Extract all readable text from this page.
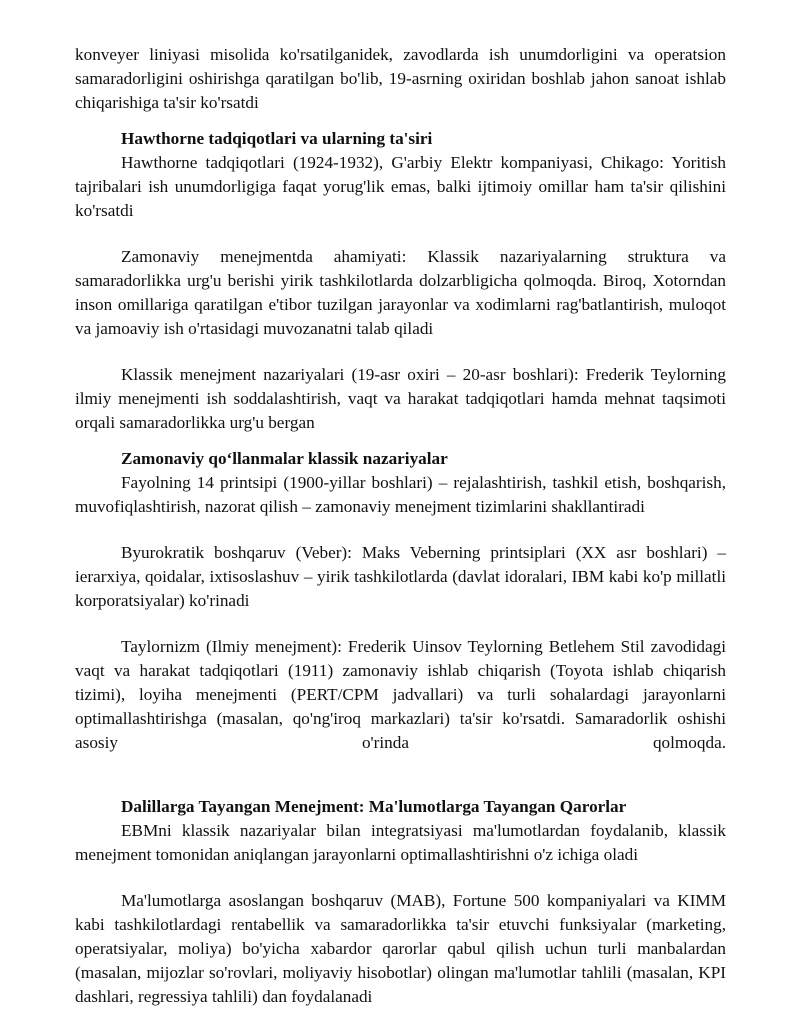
konveyer liniyasi misolida ko'rsatilganidek, zavodlarda ish unumdorligini va operatsion samaradorligini oshirishga qaratilgan bo'lib, 19-asrning oxiridan boshlab jahon sanoat ishlab chiqarishiga ta'sir ko'rsatdi

Hawthorne tadqiqotlari va ularning ta'siri

Hawthorne tadqiqotlari (1924-1932), G'arbiy Elektr kompaniyasi, Chikago: Yoritish tajribalari ish unumdorligiga faqat yorug'lik emas, balki ijtimoiy omillar ham ta'sir qilishini ko'rsatdi

Zamonaviy menejmentda ahamiyati: Klassik nazariyalarning struktura va samaradorlikka urg'u berishi yirik tashkilotlarda dolzarbligicha qolmoqda. Biroq, Xotorndan inson omillariga qaratilgan e'tibor tuzilgan jarayonlar va xodimlarni rag'batlantirish, muloqot va jamoaviy ish o'rtasidagi muvozanatni talab qiladi

Klassik menejment nazariyalari (19-asr oxiri – 20-asr boshlari): Frederik Teylorning ilmiy menejmenti ish soddalashtirish, vaqt va harakat tadqiqotlari hamda mehnat taqsimoti orqali samaradorlikka urg'u bergan

Zamonaviy qo‘llanmalar klassik nazariyalar

Fayolning 14 printsipi (1900-yillar boshlari) – rejalashtirish, tashkil etish, boshqarish, muvofiqlashtirish, nazorat qilish – zamonaviy menejment tizimlarini shakllantiradi

Byurokratik boshqaruv (Veber): Maks Veberning printsiplari (XX asr boshlari) – ierarxiya, qoidalar, ixtisoslashuv – yirik tashkilotlarda (davlat idoralari, IBM kabi ko'p millatli korporatsiyalar) ko'rinadi

Taylornizm (Ilmiy menejment): Frederik Uinsov Teylorning Betlehem Stil zavodidagi vaqt va harakat tadqiqotlari (1911) zamonaviy ishlab chiqarish (Toyota ishlab chiqarish tizimi), loyiha menejmenti (PERT/CPM jadvallari) va turli sohalardagi jarayonlarni optimallashtirishga (masalan, qo'ng'iroq markazlari) ta'sir ko'rsatdi. Samaradorlik oshishi asosiy o'rinda qolmoqda.

Dalillarga Tayangan Menejment: Ma'lumotlarga Tayangan Qarorlar

EBMni klassik nazariyalar bilan integratsiyasi ma'lumotlardan foydalanib, klassik menejment tomonidan aniqlangan jarayonlarni optimallashtirishni o'z ichiga oladi

Ma'lumotlarga asoslangan boshqaruv (MAB), Fortune 500 kompaniyalari va KIMM kabi tashkilotlardagi rentabellik va samaradorlikka ta'sir etuvchi funksiyalar (marketing, operatsiyalar, moliya) bo'yicha xabardor qarorlar qabul qilish uchun turli manbalardan (masalan, mijozlar so'rovlari, moliyaviy hisobotlar) olingan ma'lumotlar tahlili (masalan, KPI dashlari, regressiya tahlili) dan foydalanadi
